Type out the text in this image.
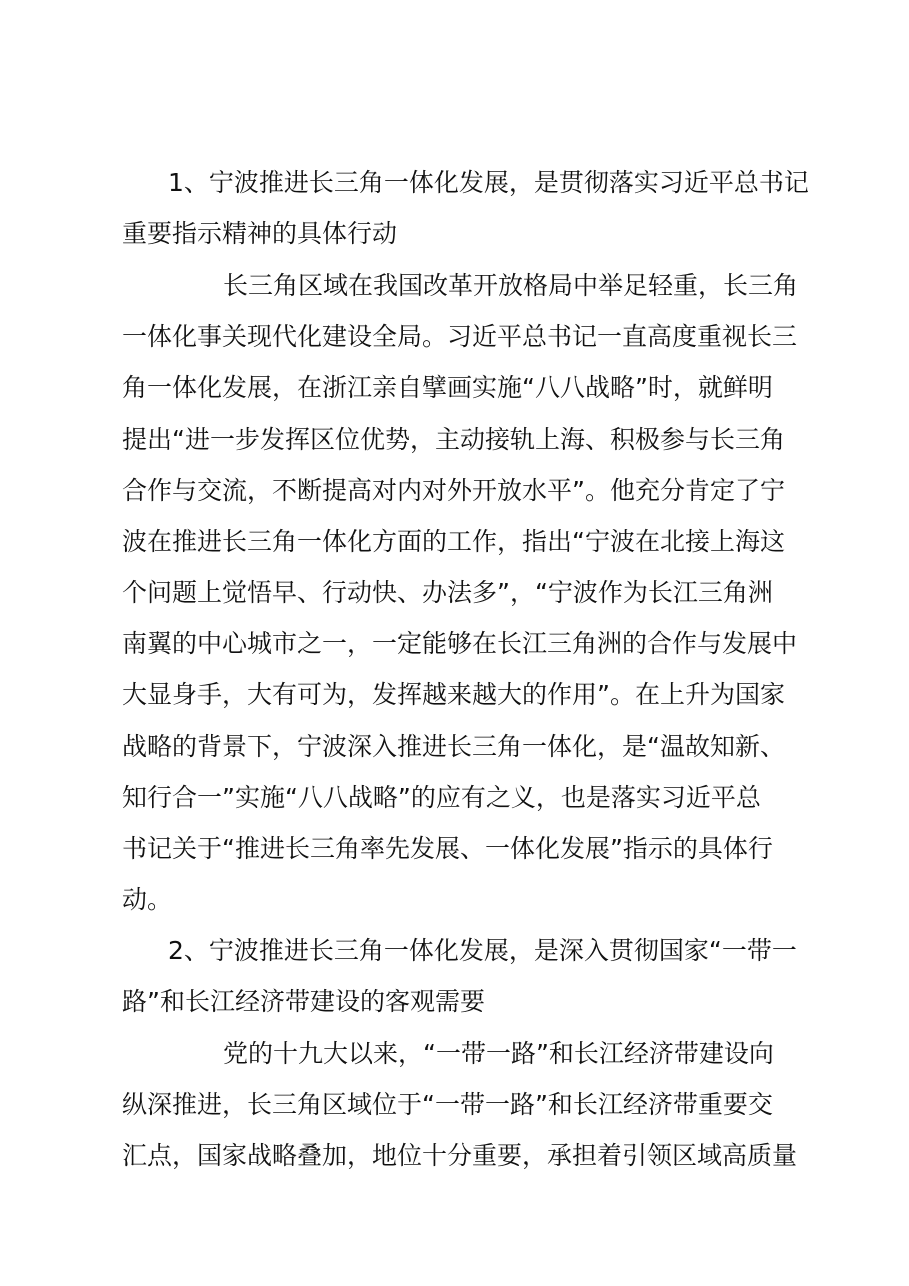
1、宁波推进长三角一体化发展，是贯彻落实习近平总书记
重要指示精神的具体行动
长三角区域在我国改革开放格局中举足轻重，长三角
一体化事关现代化建设全局。习近平总书记一直高度重视长三
角一体化发展，在浙江亲自擘画实施“八八战略”时，就鲜明
提出“进一步发挥区位优势，主动接轨上海、积极参与长三角
合作与交流，不断提高对内对外开放水平”。他充分肯定了宁
波在推进长三角一体化方面的工作，指出“宁波在北接上海这
个问题上觉悟早、行动快、办法多”，“宁波作为长江三角洲
南翼的中心城市之一，一定能够在长江三角洲的合作与发展中
大显身手，大有可为，发挥越来越大的作用”。在上升为国家
战略的背景下，宁波深入推进长三角一体化，是“温故知新、
知行合一”实施“八八战略”的应有之义，也是落实习近平总
书记关于“推进长三角率先发展、一体化发展”指示的具体行
动。
2、宁波推进长三角一体化发展，是深入贯彻国家“一带一
路”和长江经济带建设的客观需要
党的十九大以来，“一带一路”和长江经济带建设向
纵深推进，长三角区域位于“一带一路”和长江经济带重要交
汇点，国家战略叠加，地位十分重要，承担着引领区域高质量
